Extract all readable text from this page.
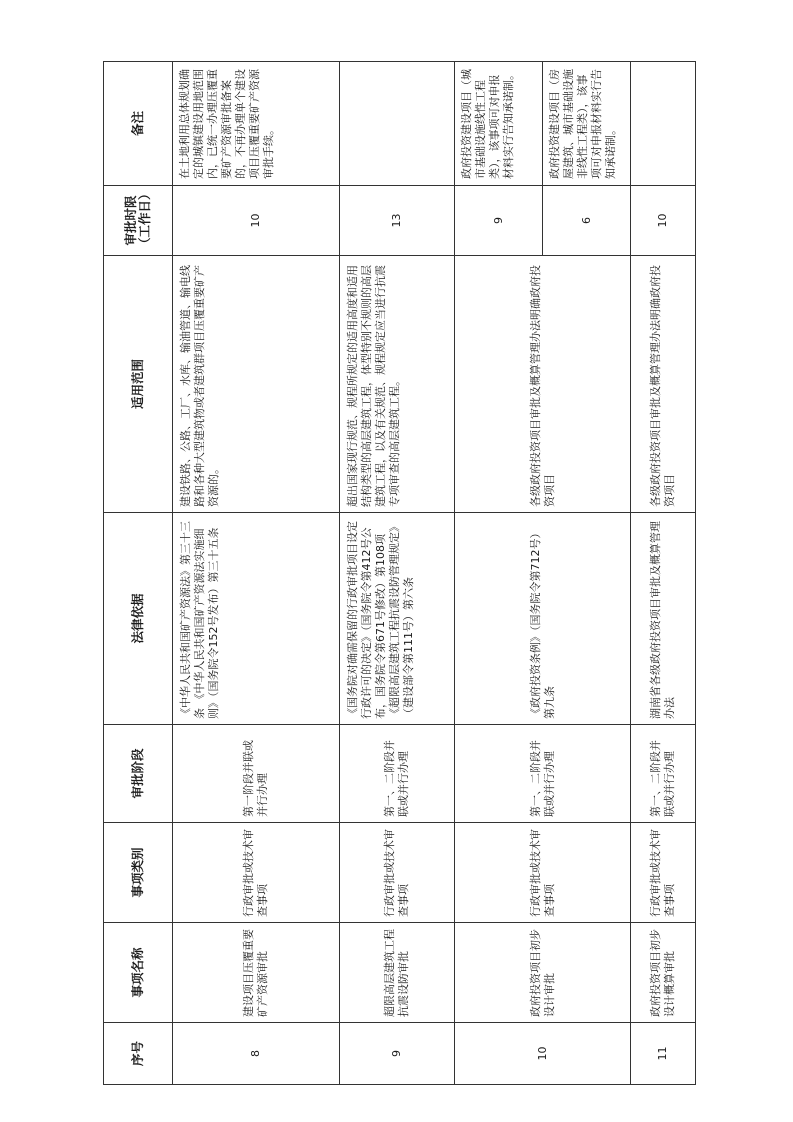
序号	事项名称	事项类别	审批阶段	法律依据	适用范围	审批时限（工作日）	备注
8	建设项目压覆重要矿产资源审批	行政审批或技术审查事项	第一阶段并联或并行办理	《中华人民共和国矿产资源法》第三十三条 《中华人民共和国矿产资源法实施细则》（国务院令152号发布）第三十五条	建设铁路、公路、工厂、水库、输油管道、输电线路和各种大型建筑物或者建筑群项目压覆重要矿产资源的。	10	在土地利用总体规划确定的城镇建设用地范围内，已统一办理压覆重要矿产资源审批备案的，不再办理单个建设项目压覆重要矿产资源审批手续。
9	超限高层建筑工程抗震设防审批	行政审批或技术审查事项	第一、二阶段并联或并行办理	《国务院对确需保留的行政审批项目设定行政许可的决定》（国务院令第412号公布，国务院令第671号修改）第108项 《超限高层建筑工程抗震设防管理规定》（建设部令第111号）第六条	超出国家现行规范、规程所规定的适用高度和适用结构类型的高层建筑工程，体型特别不规则的高层建筑工程，以及有关规范、规程规定应当进行抗震专项审查的高层建筑工程。	13	
10	政府投资项目初步设计审批	行政审批或技术审查事项	第一、二阶段并联或并行办理	《政府投资条例》（国务院令第712号）第九条	各级政府投资项目审批及概算管理办法明确政府投资项目	9	政府投资建设项目（城市基础设施线性工程类），该事项可对申报材料实行告知承诺制。
						6	政府投资建设项目（房屋建筑、城市基础设施非线性工程类），该事项可对申报材料实行告知承诺制。
11	政府投资项目初步设计概算审批	行政审批或技术审查事项	第一、二阶段并联或并行办理	湖南省各级政府投资项目审批及概算管理办法	各级政府投资项目审批及概算管理办法明确政府投资项目	10	
